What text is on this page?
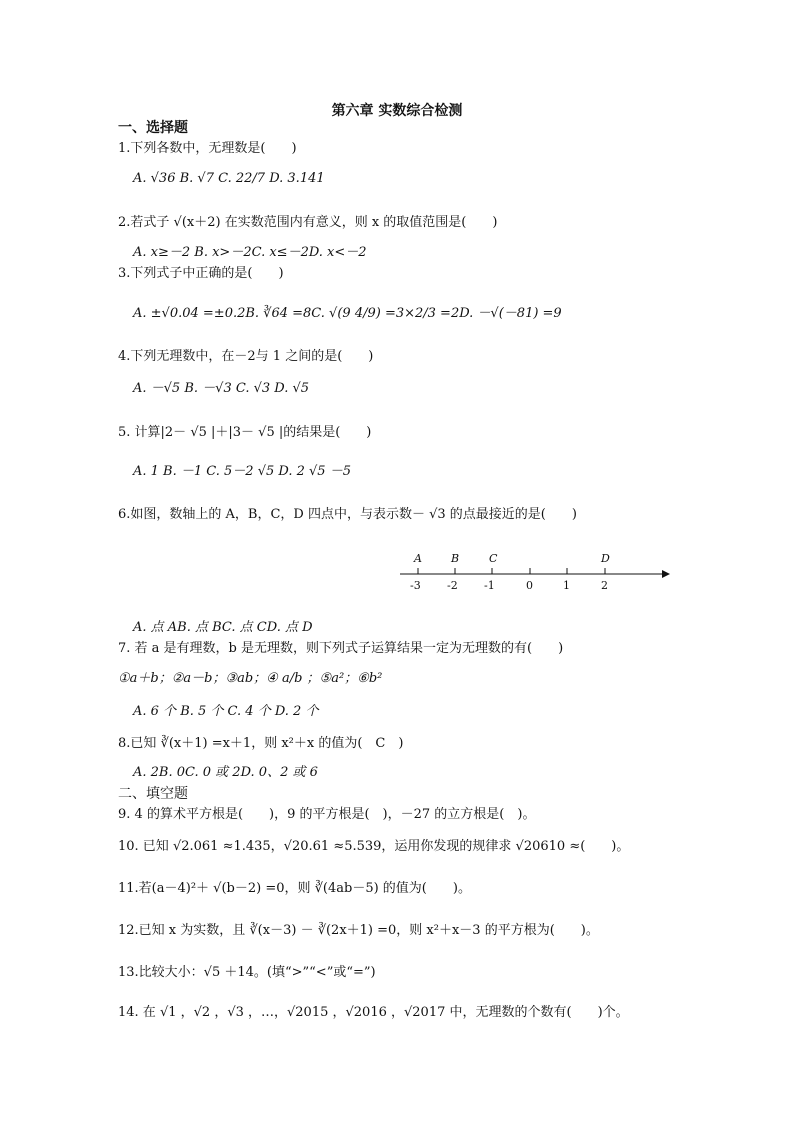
第六章 实数综合检测
一、选择题
1.下列各数中，无理数是(　　)
A. √36 B. √7 C. 22/7 D. 3.141
2.若式子 √(x＋2) 在实数范围内有意义，则 x 的取值范围是(　　)
A. x≥－2 B. x>－2C. x≤－2D. x<－2
3.下列式子中正确的是(　　)
A. ±√0.04 =±0.2B. ∛64 =8C. √(9 4/9) =3×2/3 =2D. －√(－81) =9
4.下列无理数中，在－2与 1 之间的是(　　)
A. －√5 B. －√3 C. √3 D. √5
5. 计算|2－ √5 |＋|3－ √5 |的结果是(　　)
A. 1 B. －1 C. 5－2 √5 D. 2 √5 －5
6.如图，数轴上的 A，B，C，D 四点中，与表示数－ √3 的点最接近的是(　　)
A	B	C	D
-3 -2 -1	0	1	2
A. 点 AB. 点 BC. 点 CD. 点 D
7. 若 a 是有理数，b 是无理数，则下列式子运算结果一定为无理数的有(　　)
①a＋b；②a－b；③ab；④ a/b ；⑤a²；⑥b²
A. 6 个 B. 5 个 C. 4 个 D. 2 个
8.已知 ∛(x＋1) =x＋1，则 x²＋x 的值为(　C　)
A. 2B. 0C. 0 或 2D. 0、2 或 6
二、填空题
9. 4 的算术平方根是(　　)，9 的平方根是(　)，－27 的立方根是(　)。
10. 已知 √2.061 ≈1.435，√20.61 ≈5.539，运用你发现的规律求 √20610 ≈(　　)。
11.若(a－4)²＋ √(b－2) =0，则 ∛(4ab－5) 的值为(　　)。
12.已知 x 为实数，且 ∛(x－3) － ∛(2x＋1) =0，则 x²＋x－3 的平方根为(　　)。
13.比较大小：√5 ＋14。(填“>”“<”或“=”)
14. 在 √1 ，√2 ，√3 ，…，√2015 ，√2016 ，√2017 中，无理数的个数有(　　)个。
